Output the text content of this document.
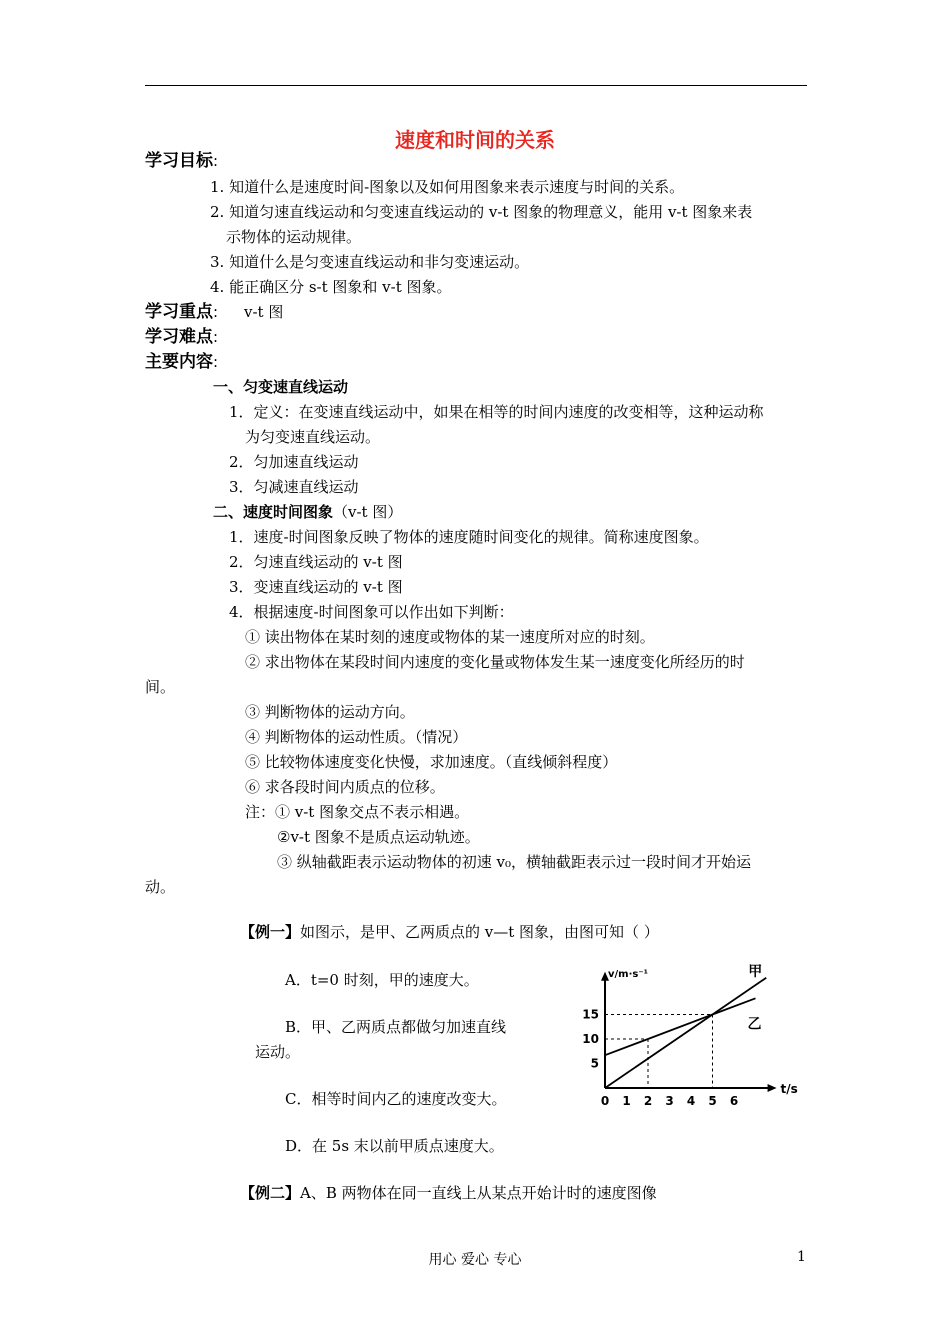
速度和时间的关系
学习目标:
1. 知道什么是速度时间-图象以及如何用图象来表示速度与时间的关系。
2. 知道匀速直线运动和匀变速直线运动的 v-t 图象的物理意义，能用 v-t 图象来表
示物体的运动规律。
3. 知道什么是匀变速直线运动和非匀变速运动。
4. 能正确区分 s-t 图象和 v-t 图象。
学习重点: v-t 图
学习难点:
主要内容:
一、匀变速直线运动
1．定义：在变速直线运动中，如果在相等的时间内速度的改变相等，这种运动称
为匀变速直线运动。
2．匀加速直线运动
3．匀减速直线运动
二、速度时间图象（v-t 图）
1．速度-时间图象反映了物体的速度随时间变化的规律。简称速度图象。
2．匀速直线运动的 v-t 图
3．变速直线运动的 v-t 图
4．根据速度-时间图象可以作出如下判断：
① 读出物体在某时刻的速度或物体的某一速度所对应的时刻。
② 求出物体在某段时间内速度的变化量或物体发生某一速度变化所经历的时
间。
③ 判断物体的运动方向。
④ 判断物体的运动性质。（情况）
⑤ 比较物体速度变化快慢，求加速度。（直线倾斜程度）
⑥ 求各段时间内质点的位移。
注：① v-t 图象交点不表示相遇。
②v-t 图象不是质点运动轨迹。
③ 纵轴截距表示运动物体的初速 v₀，横轴截距表示过一段时间才开始运
动。
【例一】如图示，是甲、乙两质点的 v—t 图象，由图可知（ ）
A．t=0 时刻，甲的速度大。
B．甲、乙两质点都做匀加速直线
运动。
C．相等时间内乙的速度改变大。
D．在 5s 末以前甲质点速度大。
v/m·s⁻¹
t/s
0 1 2 3 4 5 6
5
10
15
甲
乙
【例二】A、B 两物体在同一直线上从某点开始计时的速度图像
用心 爱心 专心	1
